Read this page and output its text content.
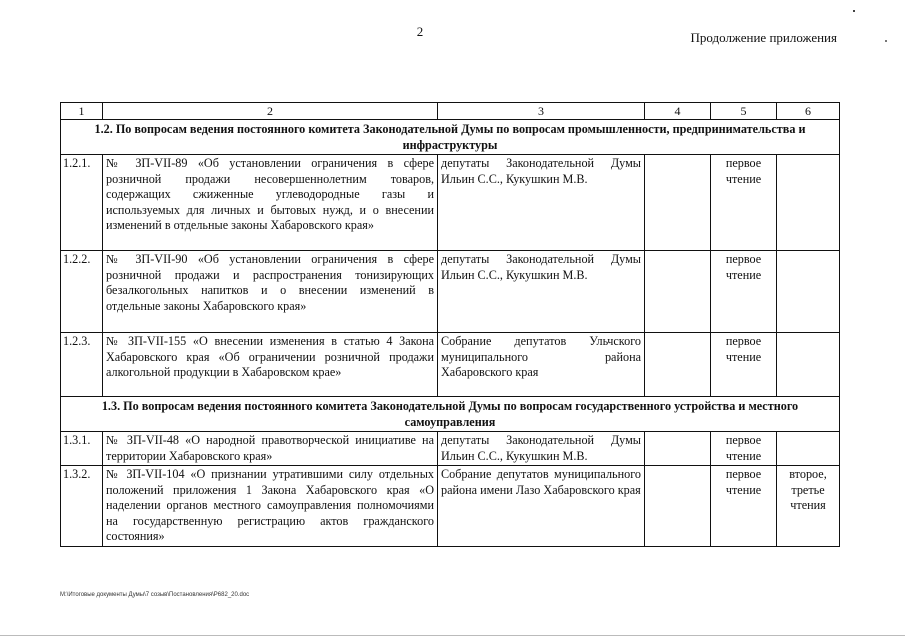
2	Продолжение приложения
1	2	3	4	5	6
1.2. По вопросам ведения постоянного комитета Законодательной Думы по вопросам промышленности, предпринимательства и инфраструктуры					
1.2.1.	№ ЗП-VII-89 «Об установлении ограничения в сфере розничной продажи несовершеннолетним товаров, содержащих сжиженные углеводородные газы и используемых для личных и бытовых нужд, и о внесении изменений в отдельные законы Хабаровского края»	депутаты Законодательной Думы Ильин С.С., Кукушкин М.В.		первое чтение	
1.2.2.	№ ЗП-VII-90 «Об установлении ограничения в сфере розничной продажи и распространения тонизирующих безалкогольных напитков и о внесении изменений в отдельные законы Хабаровского края»	депутаты Законодательной Думы Ильин С.С., Кукушкин М.В.		первое чтение	
1.2.3.	№ ЗП-VII-155 «О внесении изменения в статью 4 Закона Хабаровского края «Об ограничении розничной продажи алкогольной продукции в Хабаровском крае»	Собрание депутатов Ульчского муниципального района Хабаровского края		первое чтение	
1.3. По вопросам ведения постоянного комитета Законодательной Думы по вопросам государственного устройства и местного самоуправления					
1.3.1.	№ ЗП-VII-48 «О народной правотворческой инициативе на территории Хабаровского края»	депутаты Законодательной Думы Ильин С.С., Кукушкин М.В.		первое чтение	
1.3.2.	№ ЗП-VII-104 «О признании утратившими силу отдельных положений приложения 1 Закона Хабаровского края «О наделении органов местного самоуправления полномочиями на государственную регистрацию актов гражданского состояния»	Собрание депутатов муниципального района имени Лазо Хабаровского края		первое чтение	второе, третье чтения
M:\Итоговые документы Думы\7 созыв\Постановления\Р682_20.doc
